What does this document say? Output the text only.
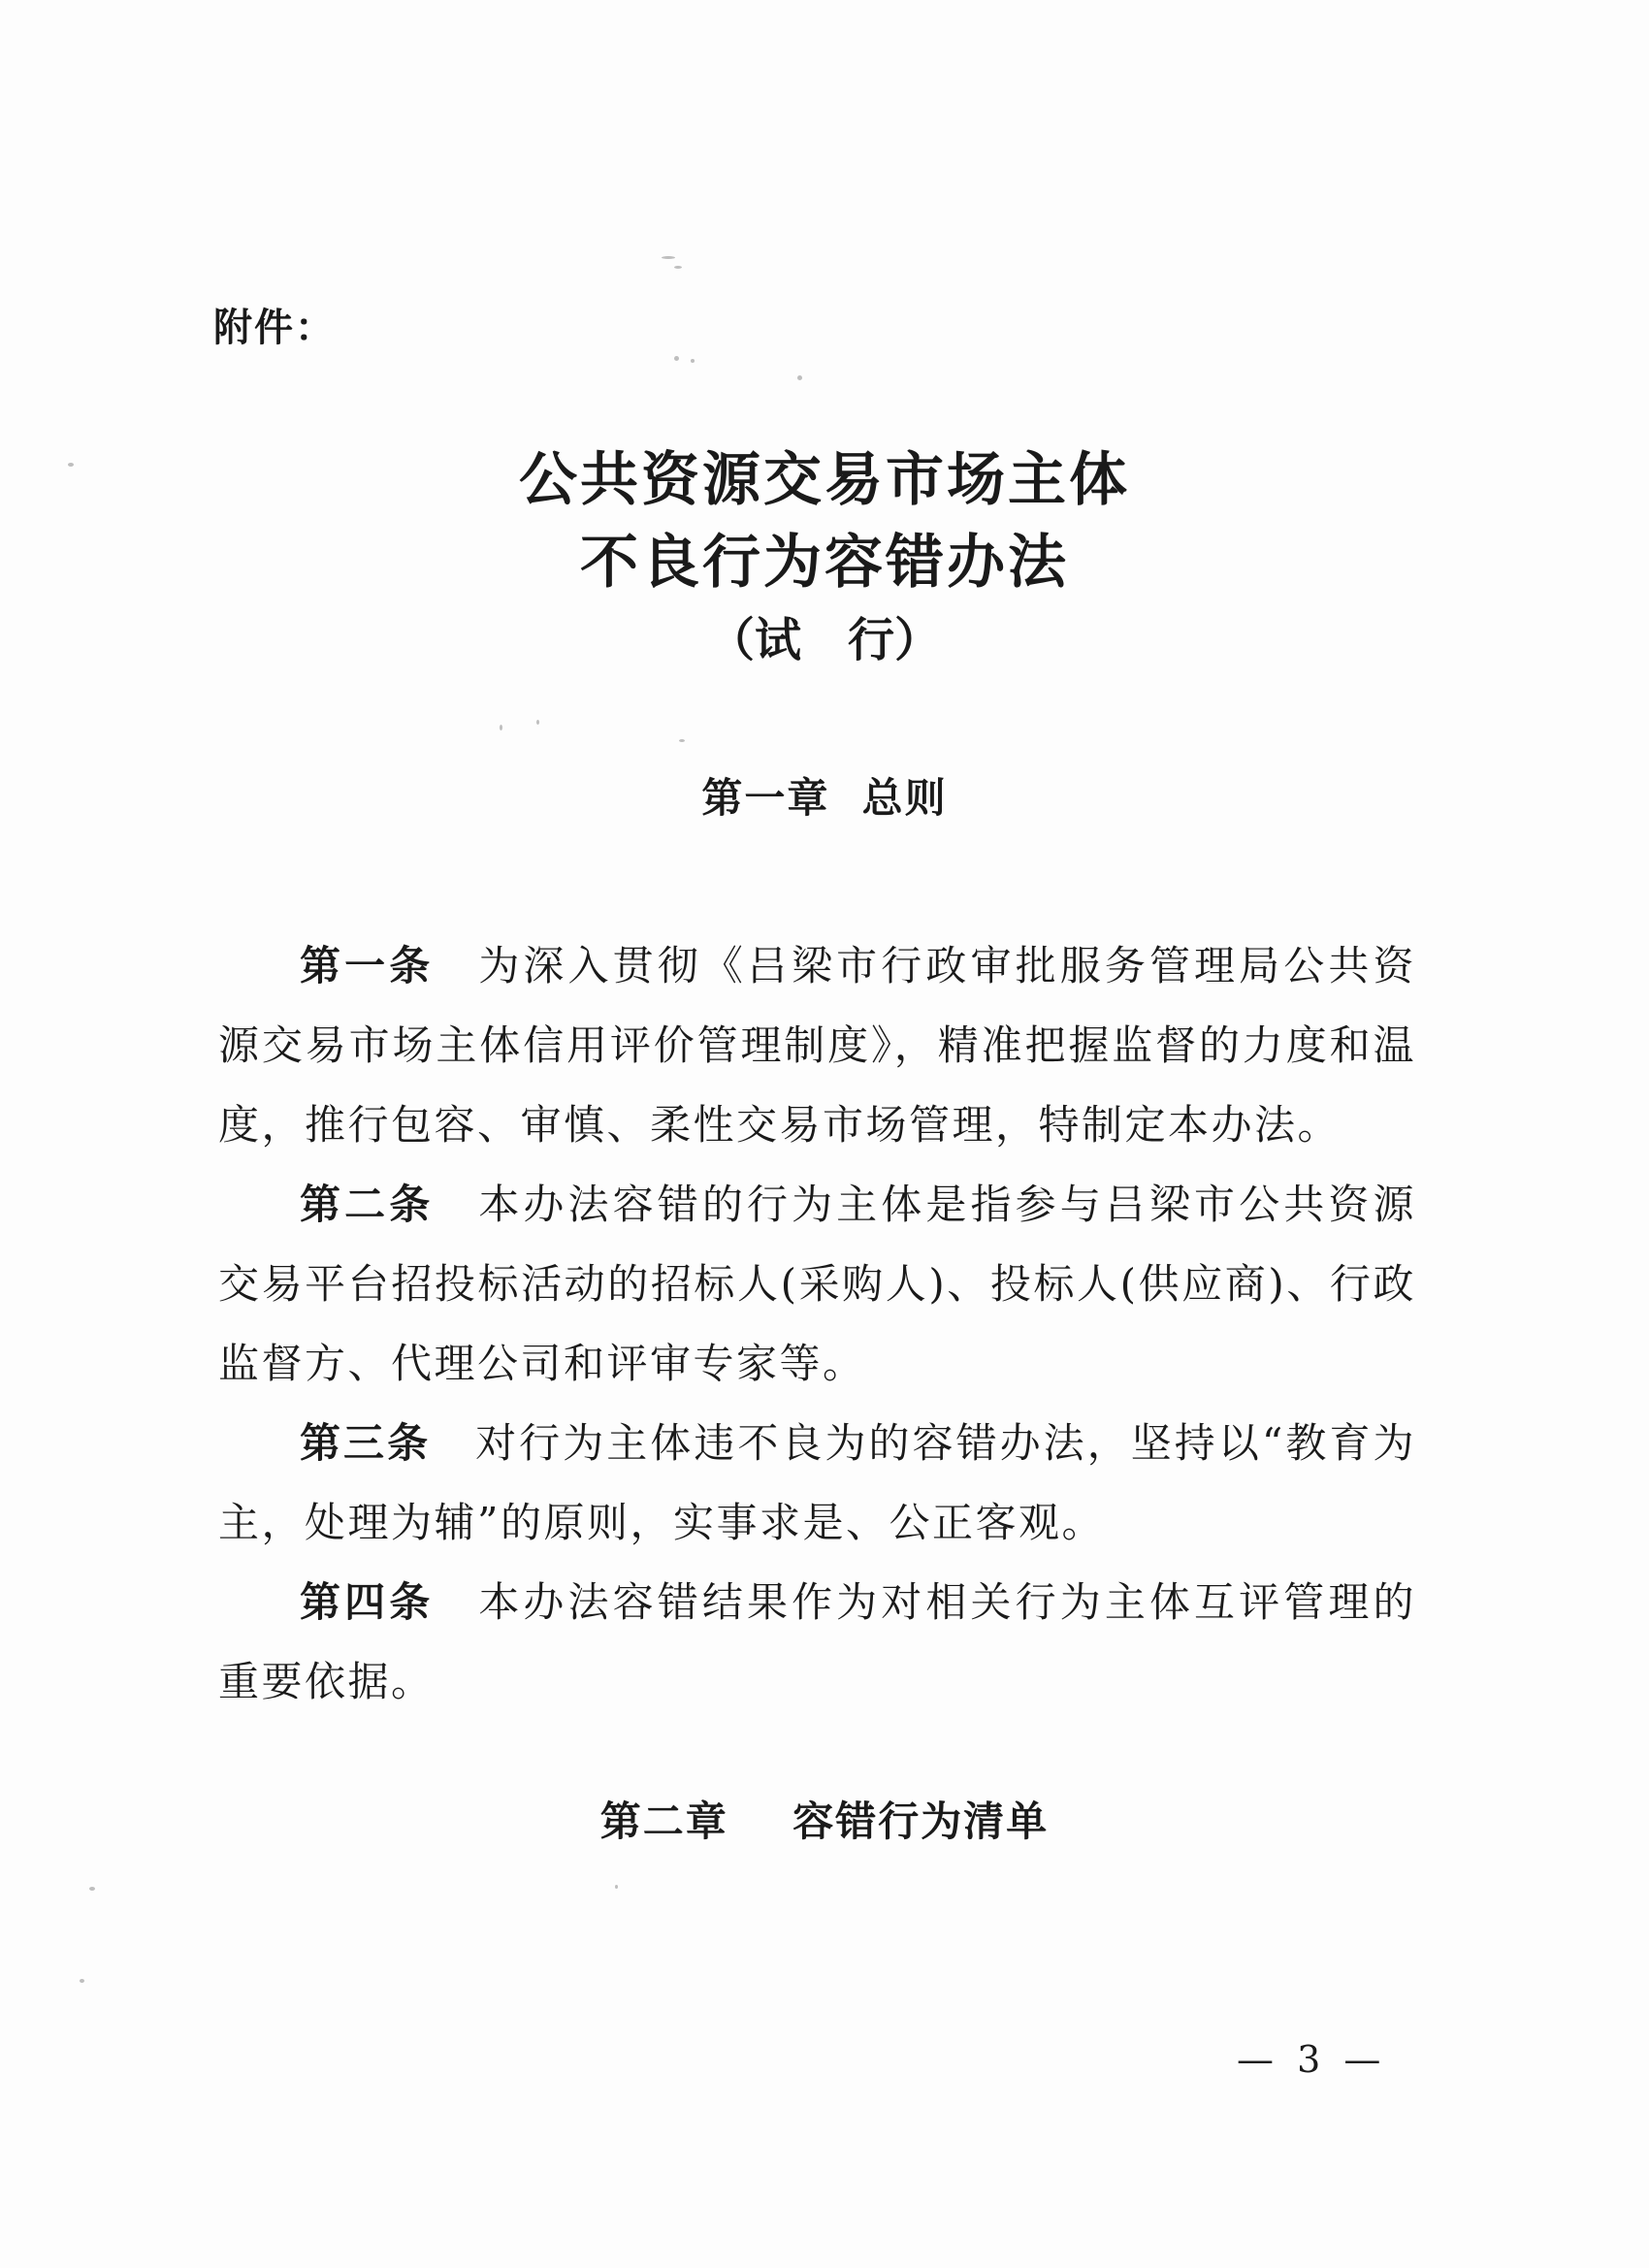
附件：
公共资源交易市场主体
不良行为容错办法
（试　行）
第一章  总则

第一条 为深入贯彻《吕梁市行政审批服务管理局公共资源交易市场主体信用评价管理制度》，精准把握监督的力度和温度，推行包容、审慎、柔性交易市场管理，特制定本办法。

第二条 本办法容错的行为主体是指参与吕梁市公共资源交易平台招投标活动的招标人(采购人)、投标人(供应商)、行政监督方、代理公司和评审专家等。

第三条 对行为主体违不良为的容错办法，坚持以“教育为主，处理为辅”的原则，实事求是、公正客观。

第四条 本办法容错结果作为对相关行为主体互评管理的重要依据。

第二章    容错行为清单
— 3 —
